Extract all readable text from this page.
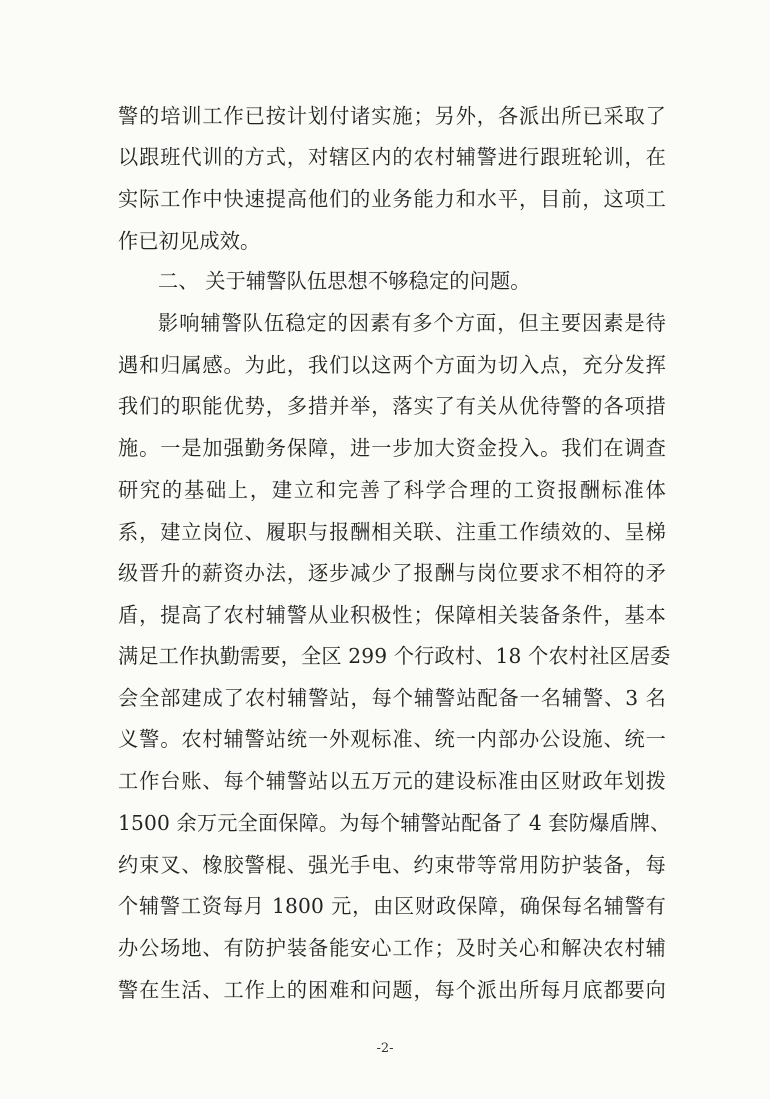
警的培训工作已按计划付诸实施；另外，各派出所已采取了
以跟班代训的方式，对辖区内的农村辅警进行跟班轮训，在
实际工作中快速提高他们的业务能力和水平，目前，这项工
作已初见成效。
二、 关于辅警队伍思想不够稳定的问题。
影响辅警队伍稳定的因素有多个方面，但主要因素是待
遇和归属感。为此，我们以这两个方面为切入点，充分发挥
我们的职能优势，多措并举，落实了有关从优待警的各项措
施。一是加强勤务保障，进一步加大资金投入。我们在调查
研究的基础上，建立和完善了科学合理的工资报酬标准体
系，建立岗位、履职与报酬相关联、注重工作绩效的、呈梯
级晋升的薪资办法，逐步减少了报酬与岗位要求不相符的矛
盾，提高了农村辅警从业积极性；保障相关装备条件，基本
满足工作执勤需要，全区 299 个行政村、18 个农村社区居委
会全部建成了农村辅警站，每个辅警站配备一名辅警、3 名
义警。农村辅警站统一外观标准、统一内部办公设施、统一
工作台账、每个辅警站以五万元的建设标准由区财政年划拨
1500 余万元全面保障。为每个辅警站配备了 4 套防爆盾牌、
约束叉、橡胶警棍、强光手电、约束带等常用防护装备，每
个辅警工资每月 1800 元，由区财政保障，确保每名辅警有
办公场地、有防护装备能安心工作；及时关心和解决农村辅
警在生活、工作上的困难和问题，每个派出所每月底都要向
-2-
